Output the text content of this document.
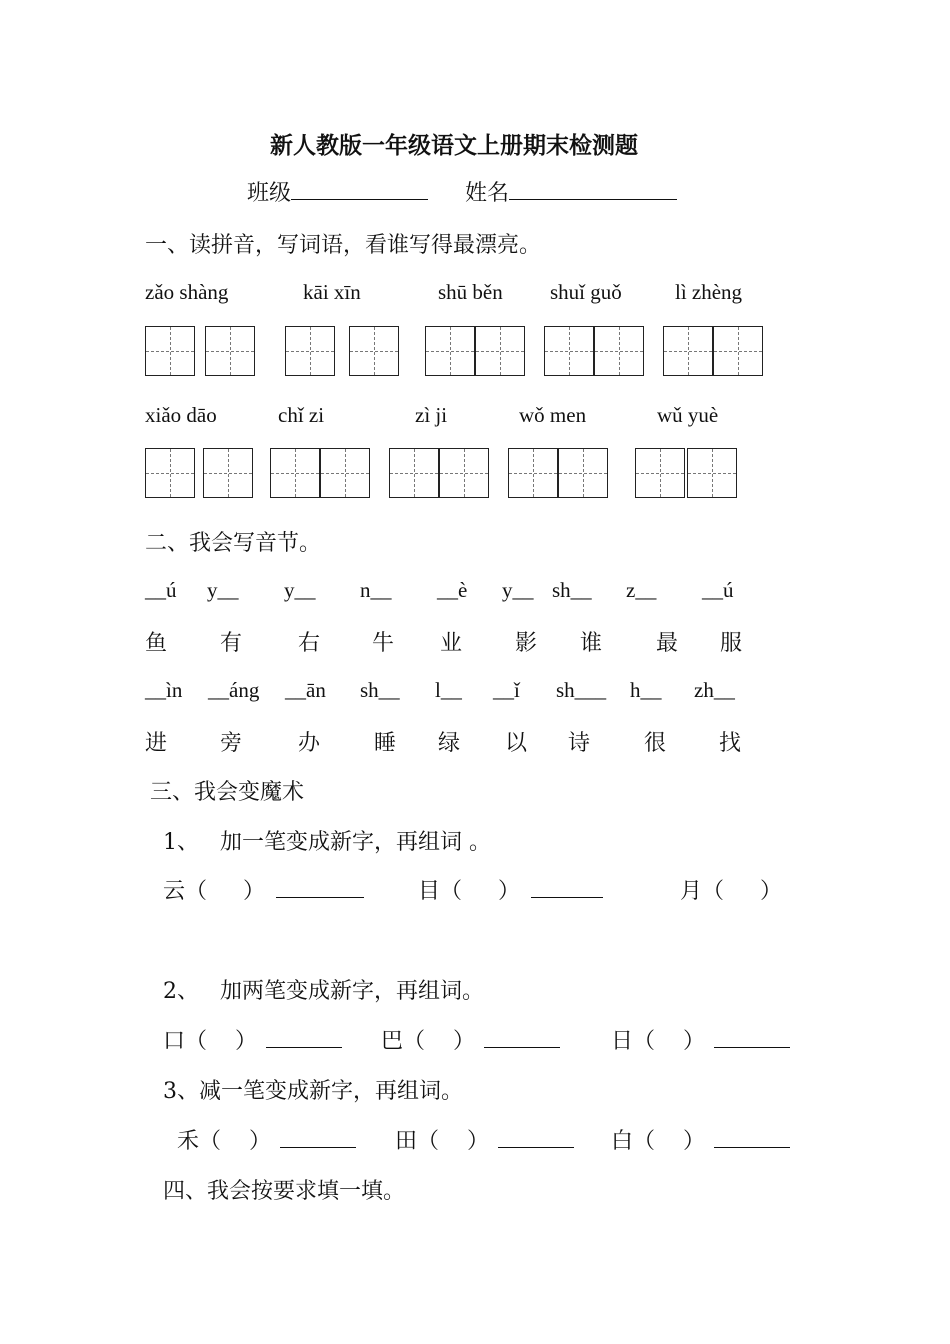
新人教版一年级语文上册期末检测题
班级	姓名
一、读拼音，写词语，看谁写得最漂亮。
zǎo shàng	kāi xīn	shū běn shuǐ guǒ	lì zhèng
xiǎo dāo	chǐ zi	zì ji	wǒ men	wǔ yuè
二、我会写音节。
__ú y__ y__ n__ __è y__ sh__ z__ __ú
鱼 有	右 牛 业 影 谁 最 服
__ìn __áng __ān sh__ l__ __ǐ sh___ h__ zh__
进 旁	办 睡 绿 以 诗 很 找
三、我会变魔术
1、 加一笔变成新字，再组词 。
云（ ）	目（ ）	月（ ）
2、 加两笔变成新字，再组词。
口（ ）	巴（ ）	日（ ）
3、减一笔变成新字，再组词。
禾（ ）	田（ ）	白（ ）
四、我会按要求填一填。
